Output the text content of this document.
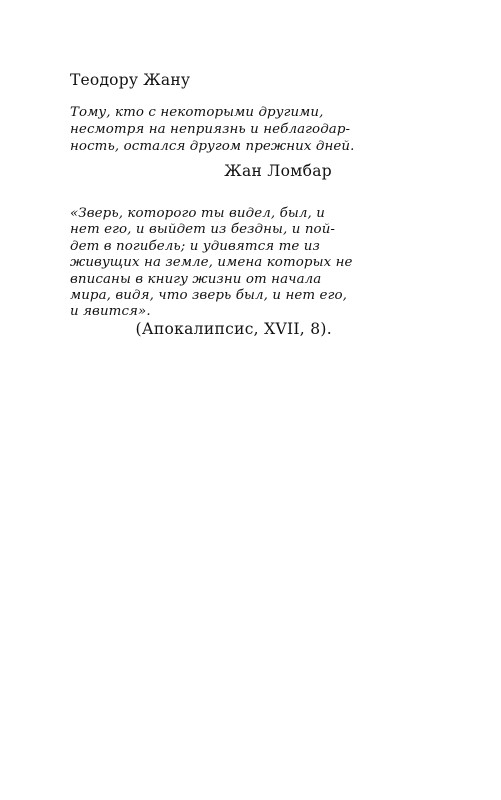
Теодору Жану
Тому, кто с некоторыми другими,
несмотря на неприязнь и неблагодар-
ность, остался другом прежних дней.
Жан Ломбар
«Зверь, которого ты видел, был, и
нет его, и выйдет из бездны, и пой-
дет в погибель; и удивятся те из
живущих на земле, имена которых не
вписаны в книгу жизни от начала
мира, видя, что зверь был, и нет его,
и явится».
(Апокалипсис, XVII, 8).
